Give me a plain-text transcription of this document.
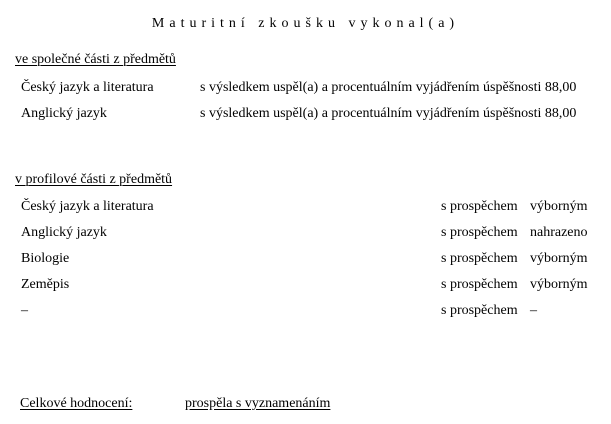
Maturitní zkoušku vykonal(a)
ve společné části z předmětů
Český jazyk a literatura	s výsledkem uspěl(a) a procentuálním vyjádřením úspěšnosti 88,00
Anglický jazyk	s výsledkem uspěl(a) a procentuálním vyjádřením úspěšnosti 88,00
v profilové části z předmětů
Český jazyk a literatura	s prospěchem výborným
Anglický jazyk	s prospěchem nahrazeno
Biologie	s prospěchem výborným
Zeměpis	s prospěchem výborným
–	s prospěchem –
Celkové hodnocení:	prospěla s vyznamenáním
